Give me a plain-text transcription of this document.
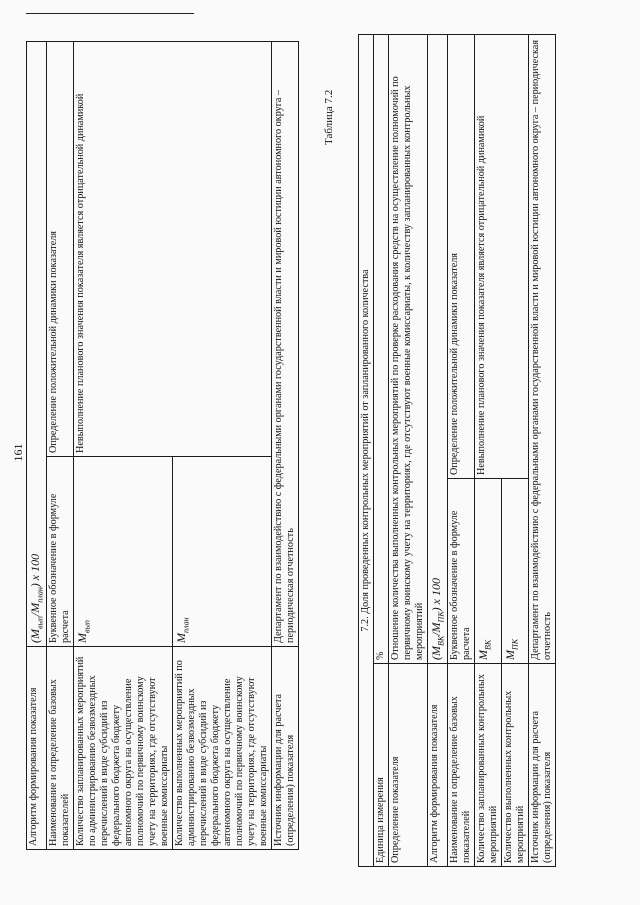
161
Алгоритм формирования показателя	$(M_{вып}/M_{план})$ x 100	
Наименование и определение базовых показателей	Буквенное обозначение в формуле расчета	Определение положительной динамики показателя
Количество запланированных мероприятий по администрированию безвозмездных перечислений в виде субсидий из федерального бюджета бюджету автономного округа на осуществление полномочий по первичному воинскому учету на территориях, где отсутствуют военные комиссариаты	$M_{вып}$	Невыполнение планового значения показателя является отрицательной динамикой
Количество выполненных мероприятий по администрированию безвозмездных перечислений в виде субсидий из федерального бюджета бюджету автономного округа на осуществление полномочий по первичному воинскому учету на территориях, где отсутствуют военные комиссариаты	$M_{план}$
Источник информации для расчета (определения) показателя	Департамент по взаимодействию с федеральными органами государственной власти и мировой юстиции автономного округа – периодическая отчетность	
Таблица 7.2
7.2. Доля проведенных контрольных мероприятий от запланированного количества		
Единица измерения	%	
Определение показателя	Отношение количества выполненных контрольных мероприятий по проверке расходования средств на осуществление полномочий по первичному воинскому учету на территориях, где отсутствуют военные комиссариаты, к количеству запланированных контрольных мероприятий	
Алгоритм формирования показателя	$(M_{ВК}/M_{ПК})$ x 100	
Наименование и определение базовых показателей	Буквенное обозначение в формуле расчета	Определение положительной динамики показателя
Количество запланированных контрольных мероприятий	$M_{ВК}$	Невыполнение планового значения показателя является отрицательной динамикой
Количество выполненных контрольных мероприятий	$M_{ПК}$
Источник информации для расчета (определения) показателя	Департамент по взаимодействию с федеральными органами государственной власти и мировой юстиции автономного округа – периодическая отчетность	
